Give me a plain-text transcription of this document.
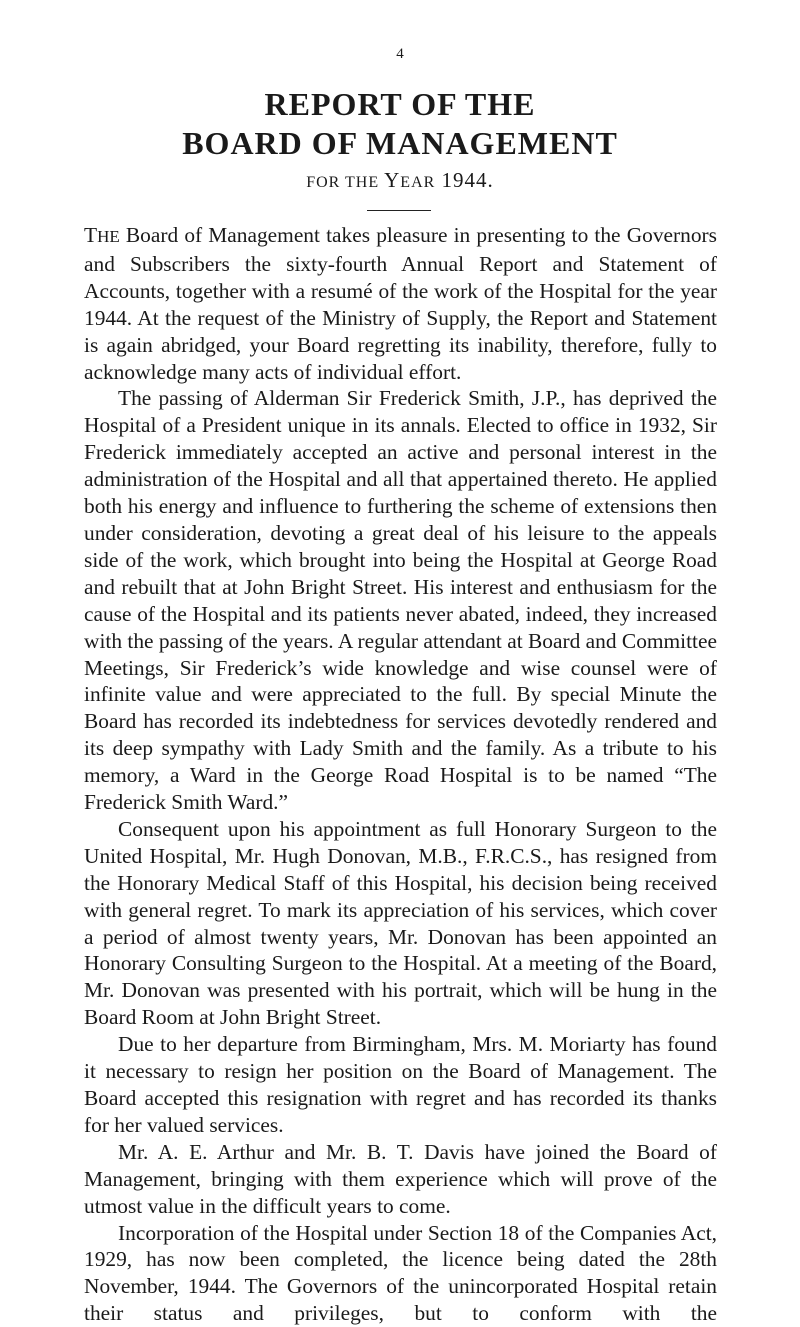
4
REPORT OF THE
BOARD OF MANAGEMENT
FOR THE YEAR 1944.

THE Board of Management takes pleasure in presenting to the Governors and Subscribers the sixty-fourth Annual Report and Statement of Accounts, together with a resumé of the work of the Hospital for the year 1944. At the request of the Ministry of Supply, the Report and Statement is again abridged, your Board regretting its inability, therefore, fully to acknowledge many acts of individual effort.

The passing of Alderman Sir Frederick Smith, J.P., has deprived the Hospital of a President unique in its annals. Elected to office in 1932, Sir Frederick immediately accepted an active and personal interest in the administration of the Hospital and all that appertained thereto. He applied both his energy and influence to furthering the scheme of extensions then under consideration, devoting a great deal of his leisure to the appeals side of the work, which brought into being the Hospital at George Road and rebuilt that at John Bright Street. His interest and enthusiasm for the cause of the Hospital and its patients never abated, indeed, they increased with the passing of the years. A regular attendant at Board and Committee Meetings, Sir Frederick’s wide knowledge and wise counsel were of infinite value and were appreciated to the full. By special Minute the Board has recorded its indebtedness for services devotedly rendered and its deep sympathy with Lady Smith and the family. As a tribute to his memory, a Ward in the George Road Hospital is to be named “The Frederick Smith Ward.”

Consequent upon his appointment as full Honorary Surgeon to the United Hospital, Mr. Hugh Donovan, M.B., F.R.C.S., has resigned from the Honorary Medical Staff of this Hospital, his decision being received with general regret. To mark its appreciation of his services, which cover a period of almost twenty years, Mr. Donovan has been appointed an Honorary Consulting Surgeon to the Hospital. At a meeting of the Board, Mr. Donovan was presented with his portrait, which will be hung in the Board Room at John Bright Street.

Due to her departure from Birmingham, Mrs. M. Moriarty has found it necessary to resign her position on the Board of Management. The Board accepted this resignation with regret and has recorded its thanks for her valued services.

Mr. A. E. Arthur and Mr. B. T. Davis have joined the Board of Management, bringing with them experience which will prove of the utmost value in the difficult years to come.

Incorporation of the Hospital under Section 18 of the Companies Act, 1929, has now been completed, the licence being dated the 28th November, 1944. The Governors of the unincorporated Hospital retain their status and privileges, but to conform with the
